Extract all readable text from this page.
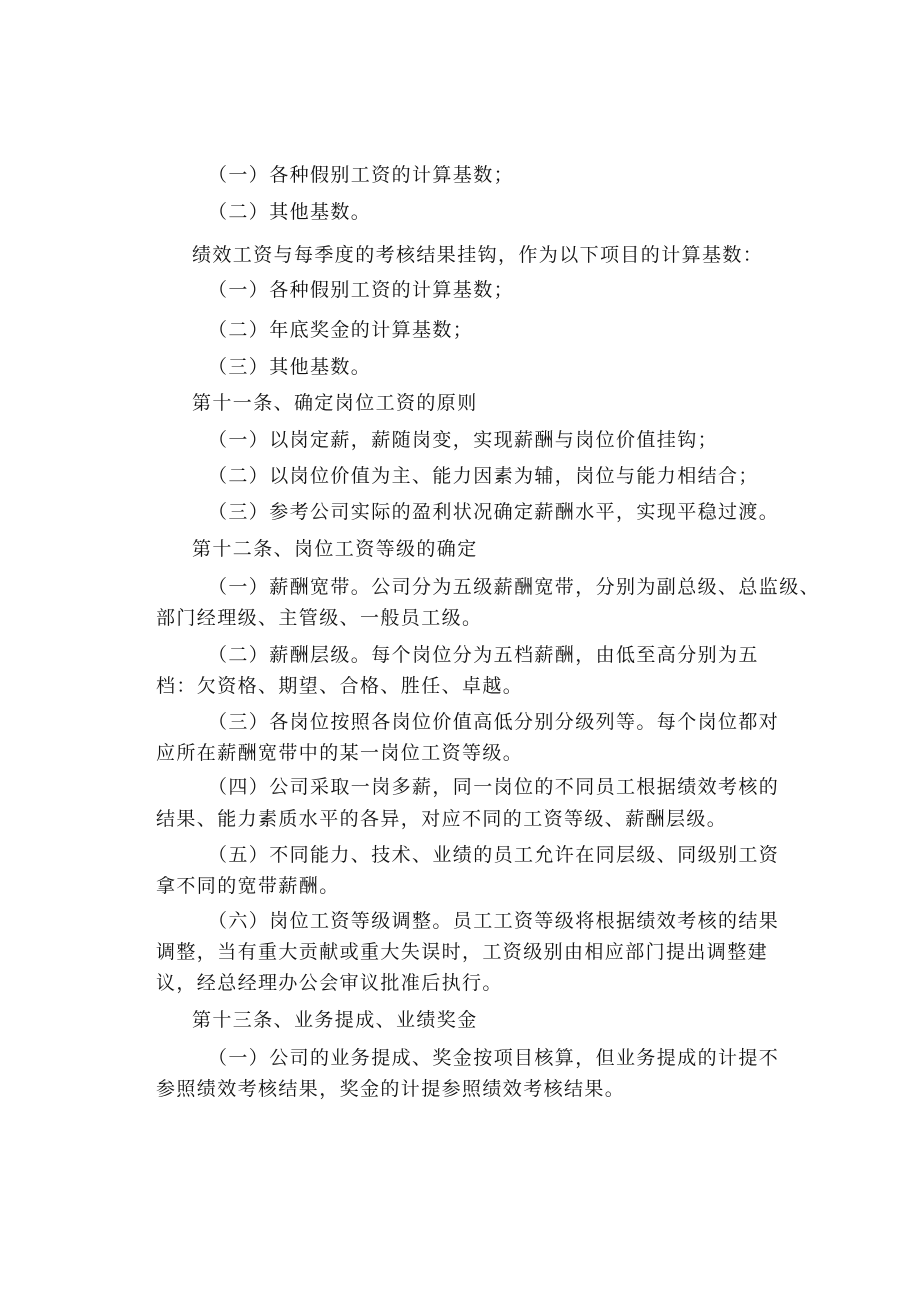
（一）各种假别工资的计算基数；
（二）其他基数。
绩效工资与每季度的考核结果挂钩，作为以下项目的计算基数：
（一）各种假别工资的计算基数；
（二）年底奖金的计算基数；
（三）其他基数。
第十一条、确定岗位工资的原则
（一）以岗定薪，薪随岗变，实现薪酬与岗位价值挂钩；
（二）以岗位价值为主、能力因素为辅，岗位与能力相结合；
（三）参考公司实际的盈利状况确定薪酬水平，实现平稳过渡。
第十二条、岗位工资等级的确定
（一）薪酬宽带。公司分为五级薪酬宽带，分别为副总级、总监级、
部门经理级、主管级、一般员工级。
（二）薪酬层级。每个岗位分为五档薪酬，由低至高分别为五
档：欠资格、期望、合格、胜任、卓越。
（三）各岗位按照各岗位价值高低分别分级列等。每个岗位都对
应所在薪酬宽带中的某一岗位工资等级。
（四）公司采取一岗多薪，同一岗位的不同员工根据绩效考核的
结果、能力素质水平的各异，对应不同的工资等级、薪酬层级。
（五）不同能力、技术、业绩的员工允许在同层级、同级别工资
拿不同的宽带薪酬。
（六）岗位工资等级调整。员工工资等级将根据绩效考核的结果
调整，当有重大贡献或重大失误时，工资级别由相应部门提出调整建
议，经总经理办公会审议批准后执行。
第十三条、业务提成、业绩奖金
（一）公司的业务提成、奖金按项目核算，但业务提成的计提不
参照绩效考核结果，奖金的计提参照绩效考核结果。
